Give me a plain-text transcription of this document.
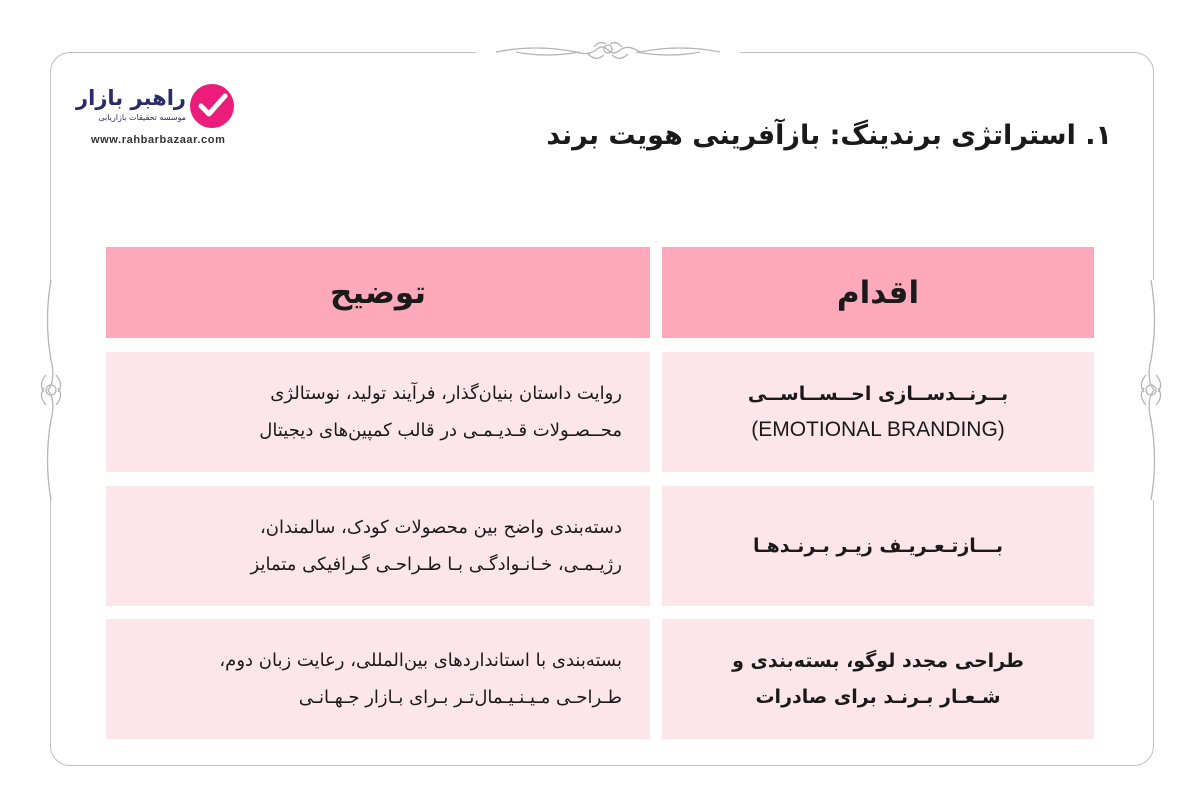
راهبر بازار
موسسه تحقیقات بازاریابی
www.rahbarbazaar.com	۱. استراتژی برندینگ: بازآفرینی هویت برند
اقدام
توضیح
بــرنــدســازی احــســاســی
(EMOTIONAL BRANDING)
روایت داستان بنیان‌گذار، فرآیند تولید، نوستالژی
محــصـولات قـدیـمـی در قالب کمپین‌های دیجیتال
بـــازتـعـریـف زیـر بـرنـدهـا
دسته‌بندی واضح بین محصولات کودک، سالمندان،
رژیـمـی، خـانـوادگـی بـا طـراحـی گـرافیکی متمایز
طراحی مجدد لوگو، بسته‌بندی و
شـعـار بـرنـد برای صادرات
بسته‌بندی با استانداردهای بین‌المللی، رعایت زبان دوم،
طـراحـی مـیـنـیـمال‌تـر بـرای بـازار جـهـانـی
